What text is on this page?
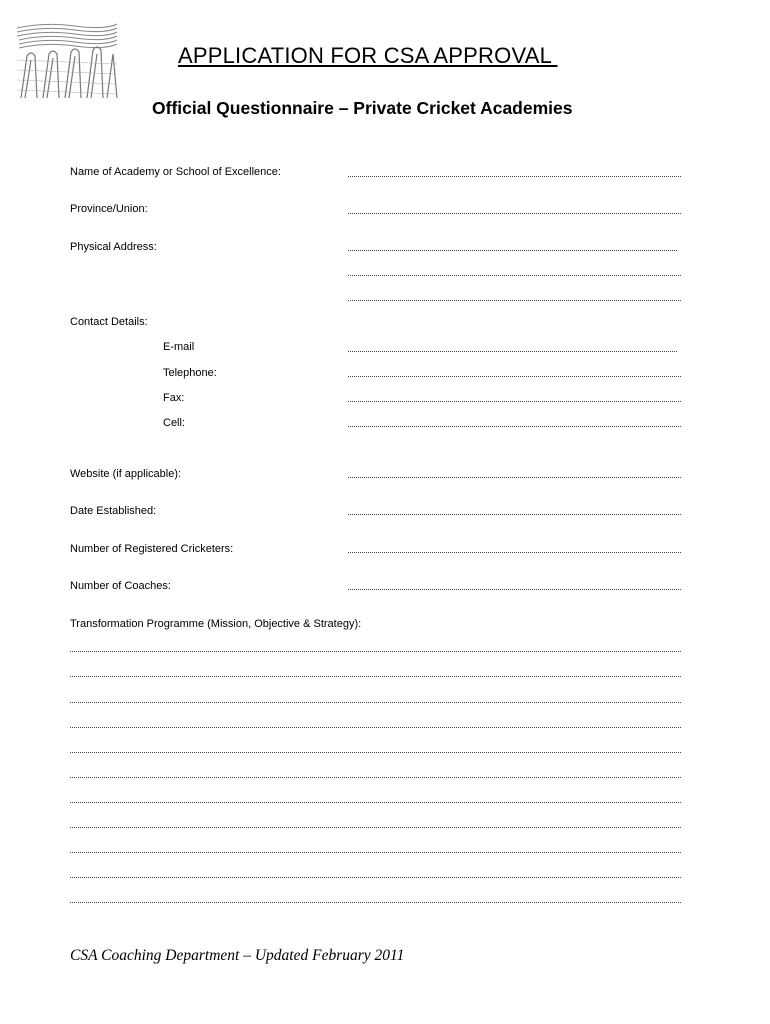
APPLICATION FOR CSA APPROVAL
Official Questionnaire – Private Cricket Academies
Name of Academy or School of Excellence:
Province/Union:
Physical Address:
Contact Details:
E-mail
Telephone:
Fax:
Cell:
Website (if applicable):
Date Established:
Number of Registered Cricketers:
Number of Coaches:
Transformation Programme (Mission, Objective & Strategy):
CSA Coaching Department – Updated February 2011
